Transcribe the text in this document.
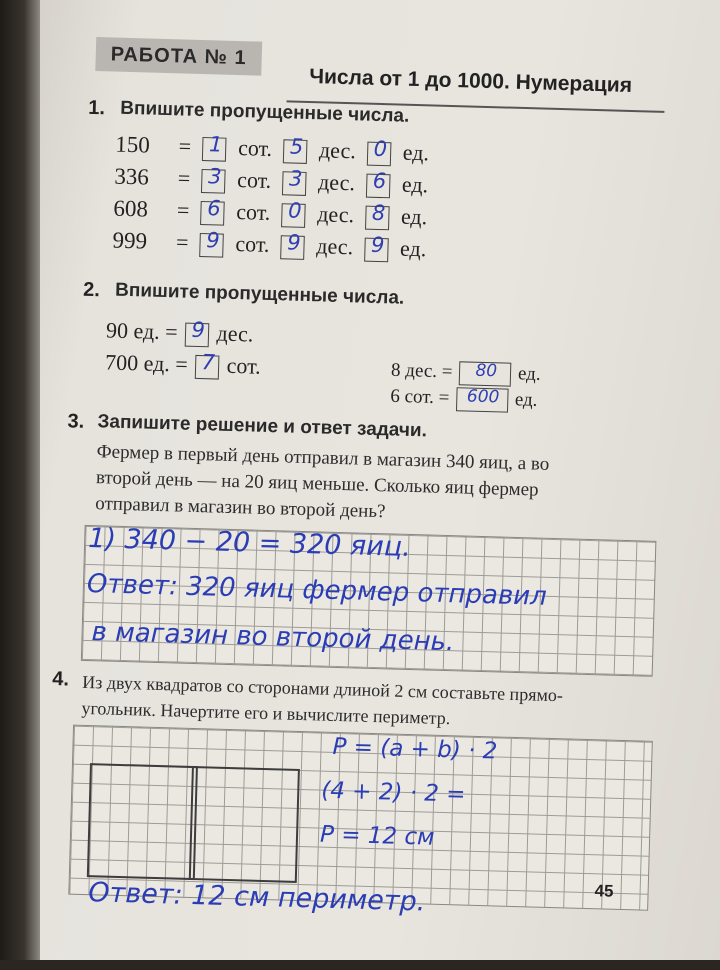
РАБОТА № 1
Числа от 1 до 1000. Нумерация
1. Впишите пропущенные числа.
150 = 1 сот. 5 дес. 0 ед.
336 = 3 сот. 3 дес. 6 ед.
608 = 6 сот. 0 дес. 8 ед.
999 = 9 сот. 9 дес. 9 ед.
2. Впишите пропущенные числа.
90 ед. = 9 дес.
700 ед. = 7 сот.	8 дес. =	80	ед.
6 сот. = 600 ед.
3. Запишите решение и ответ задачи.
Фермер в первый день отправил в магазин 340 яиц, а во
второй день — на 20 яиц меньше. Сколько яиц фермер
отправил в магазин во второй день?
1) 340 − 20 = 320 яиц.
Ответ: 320 яиц фермер отправил
в магазин во второй день.
4. Из двух квадратов со сторонами длиной 2 см составьте прямо-
угольник. Начертите его и вычислите периметр.
P = (a + b) · 2
(4 + 2) · 2 =
P = 12 см
45
Ответ: 12 см периметр.
